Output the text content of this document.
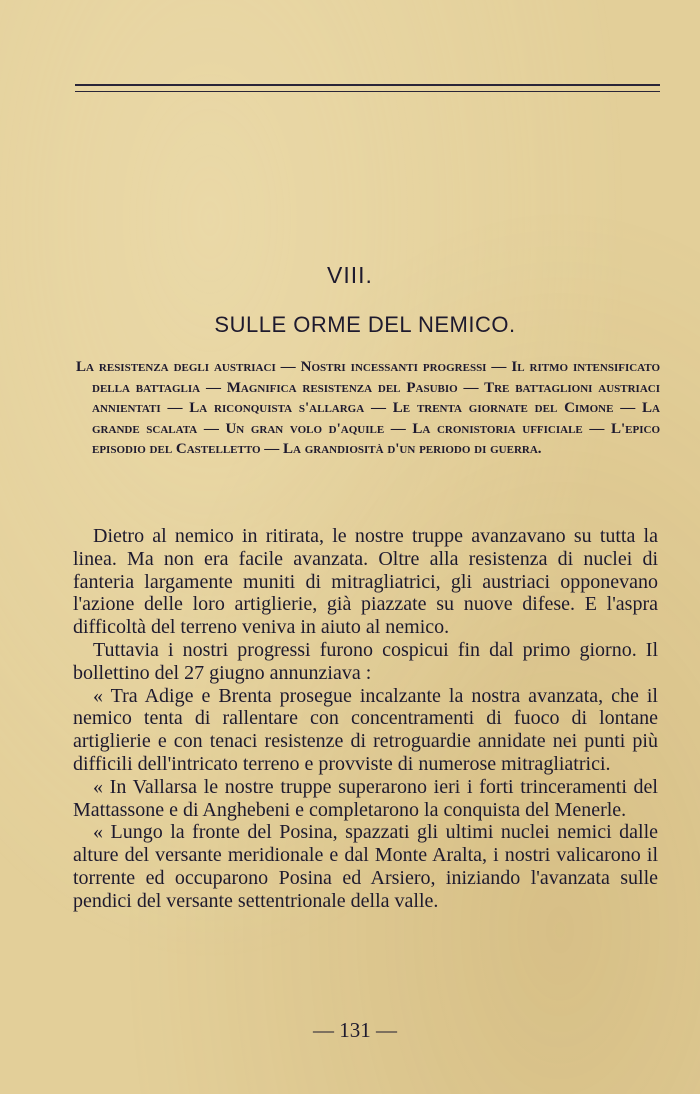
VIII.
SULLE ORME DEL NEMICO.
La resistenza degli austriaci — Nostri incessanti progressi — Il ritmo intensificato della battaglia — Magnifica resistenza del Pasubio — Tre battaglioni austriaci annientati — La riconquista s'allarga — Le trenta giornate del Cimone — La grande scalata — Un gran volo d'aquile — La cronistoria ufficiale — L'epico episodio del Castelletto — La grandiosità d'un periodo di guerra.

Dietro al nemico in ritirata, le nostre truppe avanzavano su tutta la linea. Ma non era facile avanzata. Oltre alla resistenza di nuclei di fanteria largamente muniti di mitragliatrici, gli austriaci opponevano l'azione delle loro artiglierie, già piazzate su nuove difese. E l'aspra difficoltà del terreno veniva in aiuto al nemico.

Tuttavia i nostri progressi furono cospicui fin dal primo giorno. Il bollettino del 27 giugno annunziava :

« Tra Adige e Brenta prosegue incalzante la nostra avanzata, che il nemico tenta di rallentare con concentramenti di fuoco di lontane artiglierie e con tenaci resistenze di retroguardie annidate nei punti più difficili dell'intricato terreno e provviste di numerose mitragliatrici.

« In Vallarsa le nostre truppe superarono ieri i forti trinceramenti del Mattassone e di Anghebeni e completarono la conquista del Menerle.

« Lungo la fronte del Posina, spazzati gli ultimi nuclei nemici dalle alture del versante meridionale e dal Monte Aralta, i nostri valicarono il torrente ed occuparono Posina ed Arsiero, iniziando l'avanzata sulle pendici del versante settentrionale della valle.

— 131 —
